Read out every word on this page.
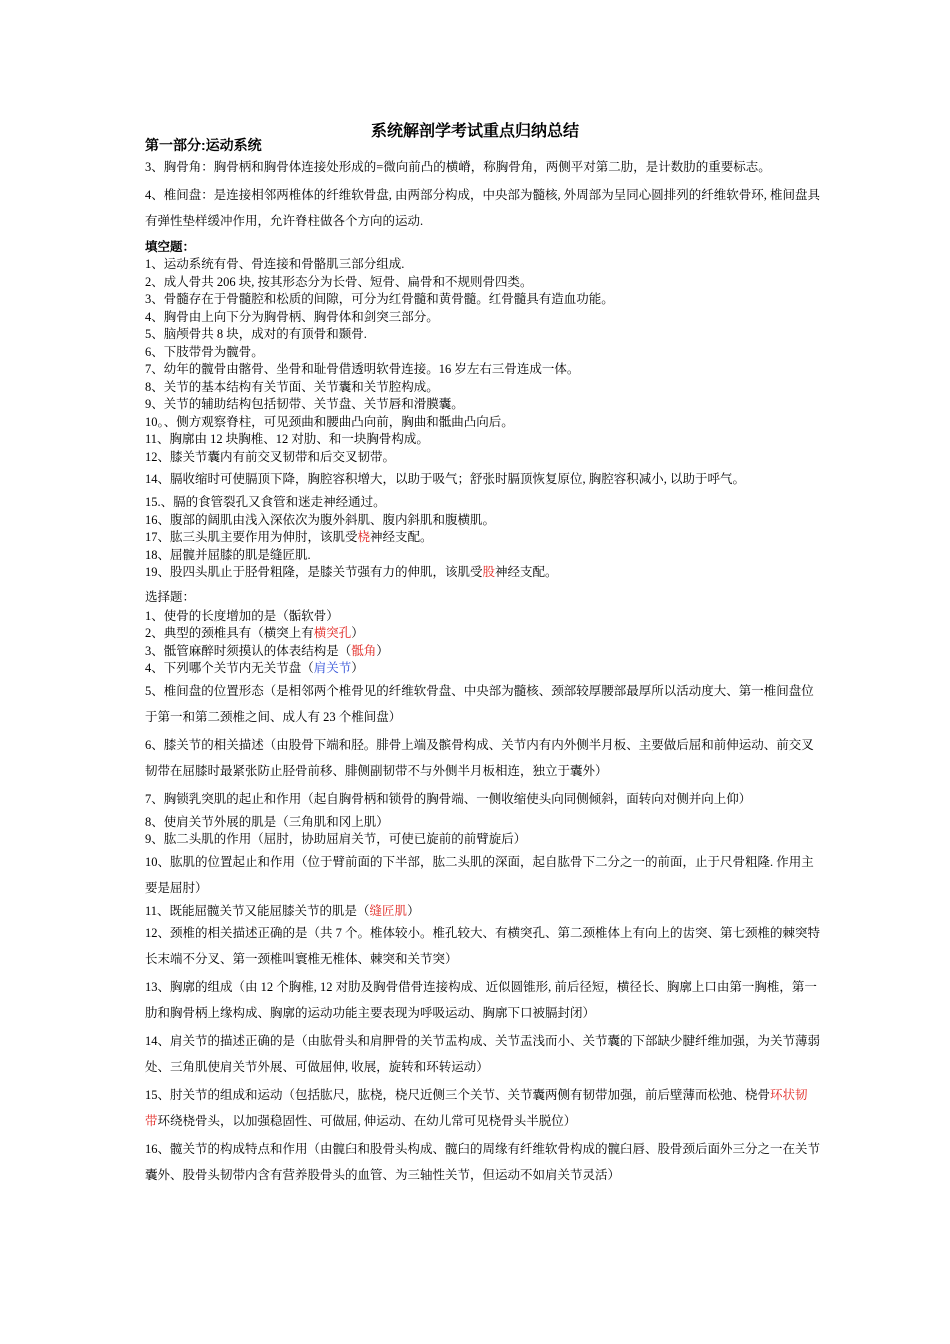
系统解剖学考试重点归纳总结
第一部分:运动系统
3、胸骨角：胸骨柄和胸骨体连接处形成的=微向前凸的横嵴，称胸骨角，两侧平对第二肋，是计数肋的重要标志。
4、椎间盘：是连接相邻两椎体的纤维软骨盘, 由两部分构成，中央部为髓核, 外周部为呈同心圆排列的纤维软骨环, 椎间盘具有弹性垫样缓冲作用，允许脊柱做各个方向的运动.
填空题：
1、运动系统有骨、骨连接和骨骼肌三部分组成.
2、成人骨共 206 块, 按其形态分为长骨、短骨、扁骨和不规则骨四类。
3、骨髓存在于骨髓腔和松质的间隙，可分为红骨髓和黄骨髓。红骨髓具有造血功能。
4、胸骨由上向下分为胸骨柄、胸骨体和剑突三部分。
5、脑颅骨共 8 块，成对的有顶骨和颞骨.
6、下肢带骨为髋骨。
7、幼年的髋骨由髂骨、坐骨和耻骨借透明软骨连接。16 岁左右三骨连成一体。
8、关节的基本结构有关节面、关节囊和关节腔构成。
9、关节的辅助结构包括韧带、关节盘、关节唇和滑膜囊。
10。、侧方观察脊柱，可见颈曲和腰曲凸向前，胸曲和骶曲凸向后。
11、胸廓由 12 块胸椎、12 对肋、和一块胸骨构成。
12、膝关节囊内有前交叉韧带和后交叉韧带。
14、膈收缩时可使膈顶下降，胸腔容积增大，以助于吸气；舒张时膈顶恢复原位, 胸腔容积减小, 以助于呼气。
15.、膈的食管裂孔又食管和迷走神经通过。
16、腹部的阔肌由浅入深依次为腹外斜肌、腹内斜肌和腹横肌。
17、肱三头肌主要作用为伸肘，该肌受桡神经支配。
18、屈髋并屈膝的肌是缝匠肌.
19、股四头肌止于胫骨粗隆，是膝关节强有力的伸肌，该肌受股神经支配。
选择题：
1、使骨的长度增加的是（骺软骨）
2、典型的颈椎具有（横突上有横突孔）
3、骶管麻醉时须摸认的体表结构是（骶角）
4、下列哪个关节内无关节盘（肩关节）
5、椎间盘的位置形态（是相邻两个椎骨见的纤维软骨盘、中央部为髓核、颈部较厚腰部最厚所以活动度大、第一椎间盘位于第一和第二颈椎之间、成人有 23 个椎间盘）
6、膝关节的相关描述（由股骨下端和胫。腓骨上端及髌骨构成、关节内有内外侧半月板、主要做后屈和前伸运动、前交叉韧带在屈膝时最紧张防止胫骨前移、腓侧副韧带不与外侧半月板相连，独立于囊外）
7、胸锁乳突肌的起止和作用（起自胸骨柄和锁骨的胸骨端、一侧收缩使头向同侧倾斜，面转向对侧并向上仰）
8、使肩关节外展的肌是（三角肌和冈上肌）
9、肱二头肌的作用（屈肘，协助屈肩关节，可使已旋前的前臂旋后）
10、肱肌的位置起止和作用（位于臂前面的下半部，肱二头肌的深面，起自肱骨下二分之一的前面，止于尺骨粗隆. 作用主要是屈肘）
11、既能屈髋关节又能屈膝关节的肌是（缝匠肌）
12、颈椎的相关描述正确的是（共 7 个。椎体较小。椎孔较大、有横突孔、第二颈椎体上有向上的齿突、第七颈椎的棘突特长末端不分叉、第一颈椎叫寰椎无椎体、棘突和关节突）
13、胸廓的组成（由 12 个胸椎, 12 对肋及胸骨借骨连接构成、近似圆锥形, 前后径短，横径长、胸廓上口由第一胸椎，第一肋和胸骨柄上缘构成、胸廓的运动功能主要表现为呼吸运动、胸廓下口被膈封闭）
14、肩关节的描述正确的是（由肱骨头和肩胛骨的关节盂构成、关节盂浅而小、关节囊的下部缺少腱纤维加强，为关节薄弱处、三角肌使肩关节外展、可做屈伸, 收展，旋转和环转运动）
15、肘关节的组成和运动（包括肱尺，肱桡，桡尺近侧三个关节、关节囊两侧有韧带加强，前后壁薄而松弛、桡骨环状韧带环绕桡骨头，以加强稳固性、可做屈, 伸运动、在幼儿常可见桡骨头半脱位）
16、髋关节的构成特点和作用（由髋臼和股骨头构成、髋臼的周缘有纤维软骨构成的髋臼唇、股骨颈后面外三分之一在关节囊外、股骨头韧带内含有营养股骨头的血管、为三轴性关节，但运动不如肩关节灵活）
